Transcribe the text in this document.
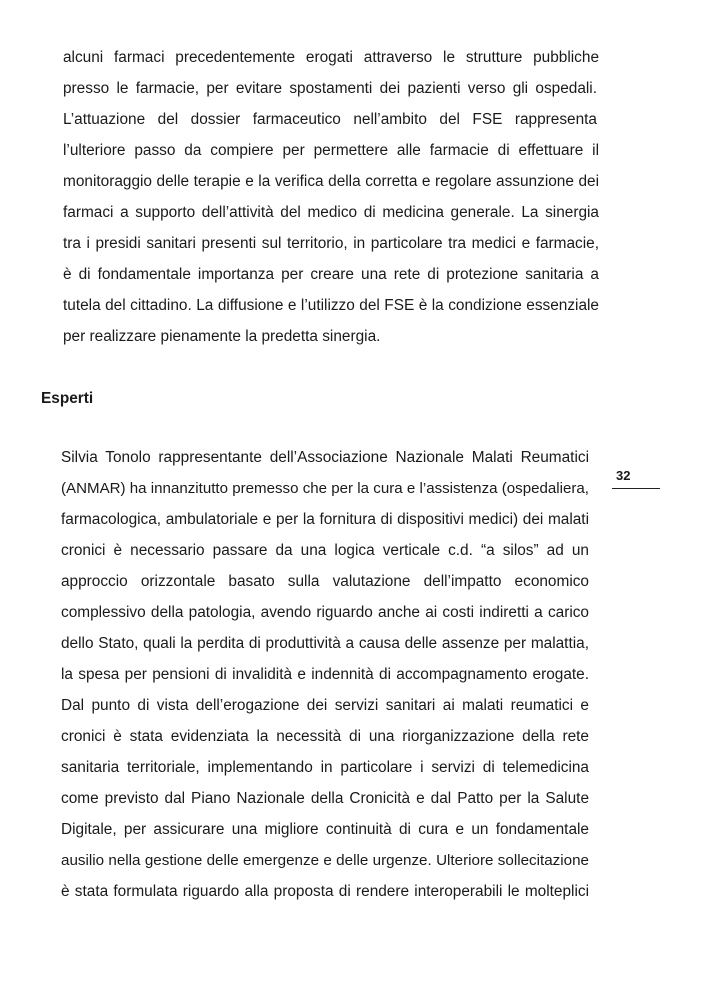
alcuni farmaci precedentemente erogati attraverso le strutture pubbliche
presso le farmacie, per evitare spostamenti dei pazienti verso gli ospedali.
L’attuazione del dossier farmaceutico nell’ambito del FSE rappresenta
l’ulteriore passo da compiere per permettere alle farmacie di effettuare il
monitoraggio delle terapie e la verifica della corretta e regolare assunzione dei
farmaci a supporto dell’attività del medico di medicina generale. La sinergia
tra i presidi sanitari presenti sul territorio, in particolare tra medici e farmacie,
è di fondamentale importanza per creare una rete di protezione sanitaria a
tutela del cittadino. La diffusione e l’utilizzo del FSE è la condizione essenziale
per realizzare pienamente la predetta sinergia.
Esperti
32
Silvia Tonolo rappresentante dell’Associazione Nazionale Malati Reumatici
(ANMAR) ha innanzitutto premesso che per la cura e l’assistenza (ospedaliera,
farmacologica, ambulatoriale e per la fornitura di dispositivi medici) dei malati
cronici è necessario passare da una logica verticale c.d. “a silos” ad un
approccio orizzontale basato sulla valutazione dell’impatto economico
complessivo della patologia, avendo riguardo anche ai costi indiretti a carico
dello Stato, quali la perdita di produttività a causa delle assenze per malattia,
la spesa per pensioni di invalidità e indennità di accompagnamento erogate.
Dal punto di vista dell’erogazione dei servizi sanitari ai malati reumatici e
cronici è stata evidenziata la necessità di una riorganizzazione della rete
sanitaria territoriale, implementando in particolare i servizi di telemedicina
come previsto dal Piano Nazionale della Cronicità e dal Patto per la Salute
Digitale, per assicurare una migliore continuità di cura e un fondamentale
ausilio nella gestione delle emergenze e delle urgenze. Ulteriore sollecitazione
è stata formulata riguardo alla proposta di rendere interoperabili le molteplici
